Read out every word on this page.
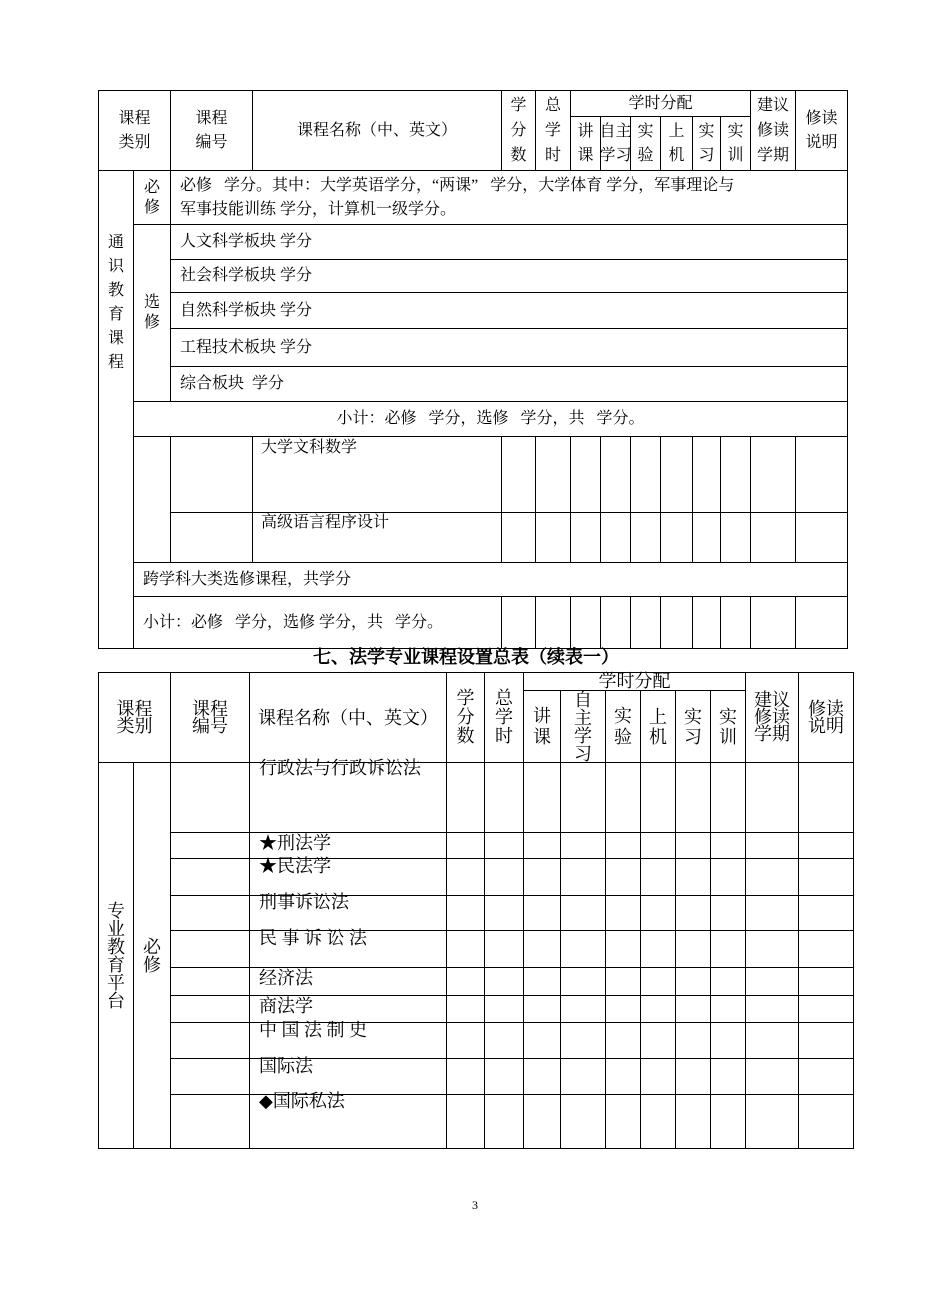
课程类别
课程编号
课程名称（中、英文）
学分数
总学时
学时分配
讲课
自主学习
实验
上机
实习
实训
建议修读学期
修读说明
通识教育课程
必修
必修   学分。其中：大学英语学分，“两课”   学分，大学体育 学分，军事理论与
军事技能训练 学分，计算机一级学分。
选修
人文科学板块 学分
社会科学板块 学分
自然科学板块 学分
工程技术板块 学分
综合板块  学分
小计：必修   学分，选修   学分，共   学分。
大学文科数学
高级语言程序设计
跨学科大类选修课程，共学分
小计：必修   学分，选修 学分，共   学分。
七、法学专业课程设置总表（续表一）
课程类别
课程编号 课程名称（中、英文）
学分数
总学时
学时分配
讲课
自主学习
实验
上机
实习
实训
建议修读学期
修读说明
专业教育平台
必修
行政法与行政诉讼法
★刑法学
★民法学
刑事诉讼法
民 事 诉 讼 法
经济法
商法学
中 国 法 制 史
国际法
◆国际私法
3
